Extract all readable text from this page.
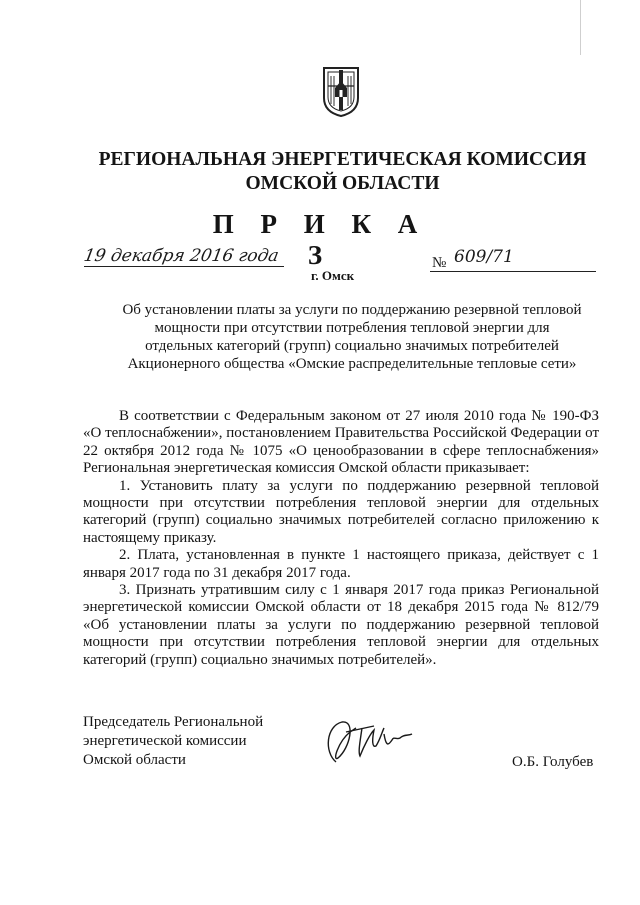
РЕГИОНАЛЬНАЯ ЭНЕРГЕТИЧЕСКАЯ КОМИССИЯ
ОМСКОЙ ОБЛАСТИ
П Р И К А З
19 декабря 2016 года
г. Омск
№ 609/71
Об установлении платы за услуги по поддержанию резервной тепловой
мощности при отсутствии потребления тепловой энергии для
отдельных категорий (групп) социально значимых потребителей
Акционерного общества «Омские распределительные тепловые сети»

В соответствии с Федеральным законом от 27 июля 2010 года № 190-ФЗ «О теплоснабжении», постановлением Правительства Российской Федерации от 22 октября 2012 года № 1075 «О ценообразовании в сфере теплоснабжения» Региональная энергетическая комиссия Омской области приказывает:

1. Установить плату за услуги по поддержанию резервной тепловой мощности при отсутствии потребления тепловой энергии для отдельных категорий (групп) социально значимых потребителей согласно приложению к настоящему приказу.

2. Плата, установленная в пункте 1 настоящего приказа, действует с 1 января 2017 года по 31 декабря 2017 года.

3. Признать утратившим силу с 1 января 2017 года приказ Региональной энергетической комиссии Омской области от 18 декабря 2015 года № 812/79 «Об установлении платы за услуги по поддержанию резервной тепловой мощности при отсутствии потребления тепловой энергии для отдельных категорий (групп) социально значимых потребителей».

Председатель Региональной
энергетической комиссии
Омской области	О.Б. Голубев
